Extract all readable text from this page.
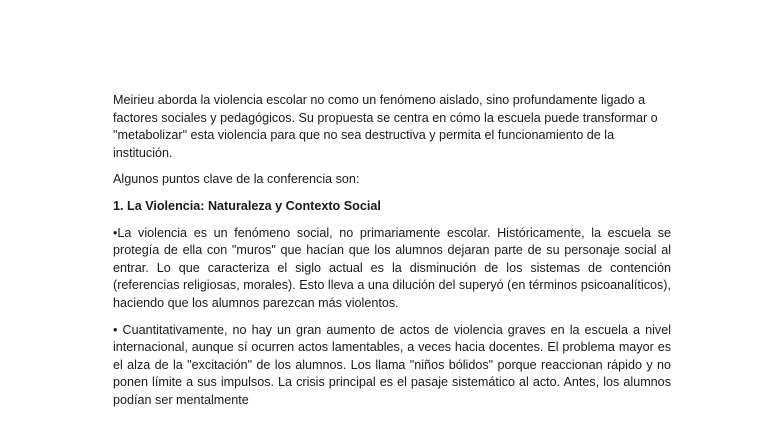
Meirieu aborda la violencia escolar no como un fenómeno aislado, sino profundamente ligado a factores sociales y pedagógicos. Su propuesta se centra en cómo la escuela puede transformar o "metabolizar" esta violencia para que no sea destructiva y permita el funcionamiento de la institución.

Algunos puntos clave de la conferencia son:

1. La Violencia: Naturaleza y Contexto Social

•La violencia es un fenómeno social, no primariamente escolar. Históricamente, la escuela se protegía de ella con "muros" que hacían que los alumnos dejaran parte de su personaje social al entrar. Lo que caracteriza el siglo actual es la disminución de los sistemas de contención (referencias religiosas, morales). Esto lleva a una dilución del superyó (en términos psicoanalíticos), haciendo que los alumnos parezcan más violentos.

• Cuantitativamente, no hay un gran aumento de actos de violencia graves en la escuela a nivel internacional, aunque sí ocurren actos lamentables, a veces hacia docentes. El problema mayor es el alza de la "excitación" de los alumnos. Los llama "niños bólidos" porque reaccionan rápido y no ponen límite a sus impulsos. La crisis principal es el pasaje sistemático al acto. Antes, los alumnos podían ser mentalmente
